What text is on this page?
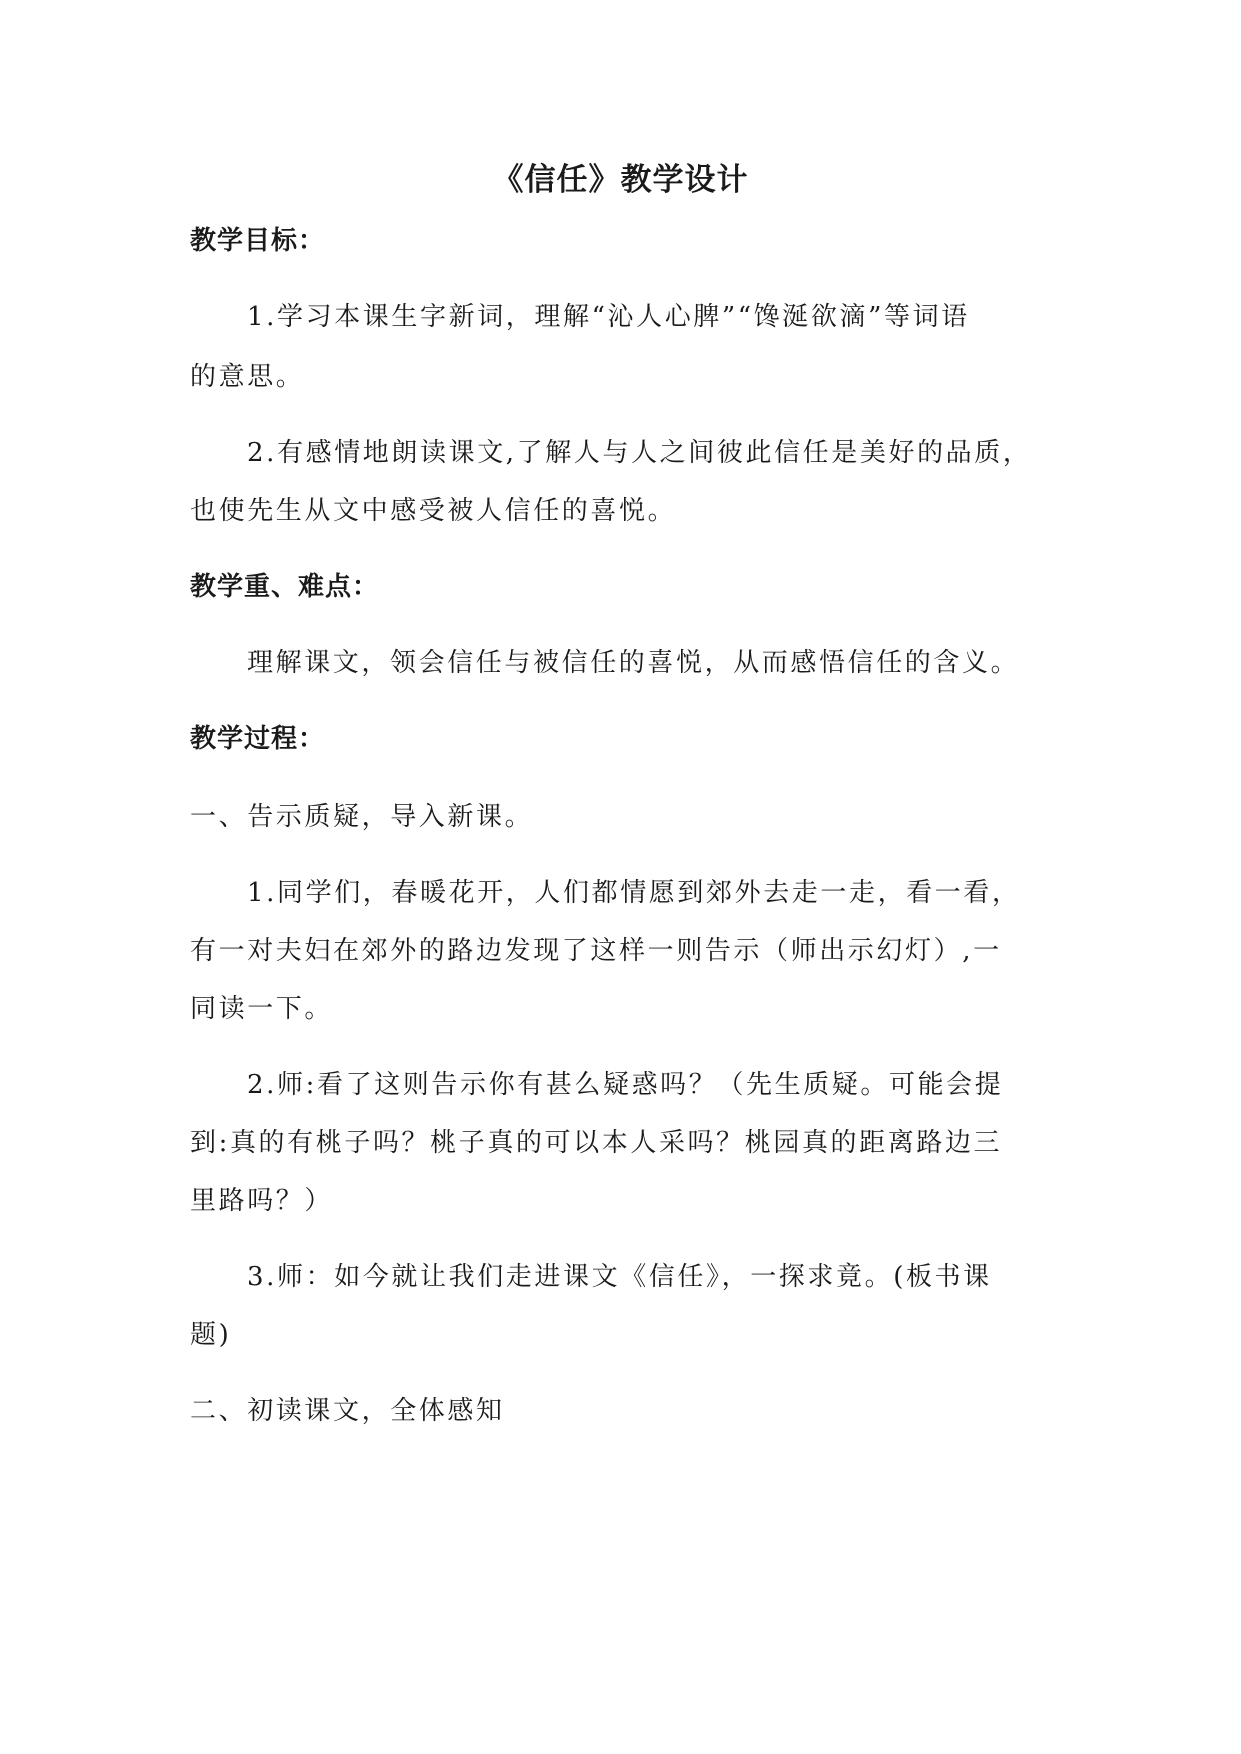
《信任》教学设计
教学目标：
1.学习本课生字新词，理解“沁人心脾”“馋涎欲滴”等词语
的意思。
2.有感情地朗读课文,了解人与人之间彼此信任是美好的品质，
也使先生从文中感受被人信任的喜悦。
教学重、难点：
理解课文，领会信任与被信任的喜悦，从而感悟信任的含义。
教学过程：
一、告示质疑，导入新课。
1.同学们，春暖花开，人们都情愿到郊外去走一走，看一看，
有一对夫妇在郊外的路边发现了这样一则告示（师出示幻灯）,一
同读一下。
2.师:看了这则告示你有甚么疑惑吗？（先生质疑。可能会提
到:真的有桃子吗？桃子真的可以本人采吗？桃园真的距离路边三
里路吗？）
3.师：如今就让我们走进课文《信任》，一探求竟。(板书课
题)
二、初读课文，全体感知
